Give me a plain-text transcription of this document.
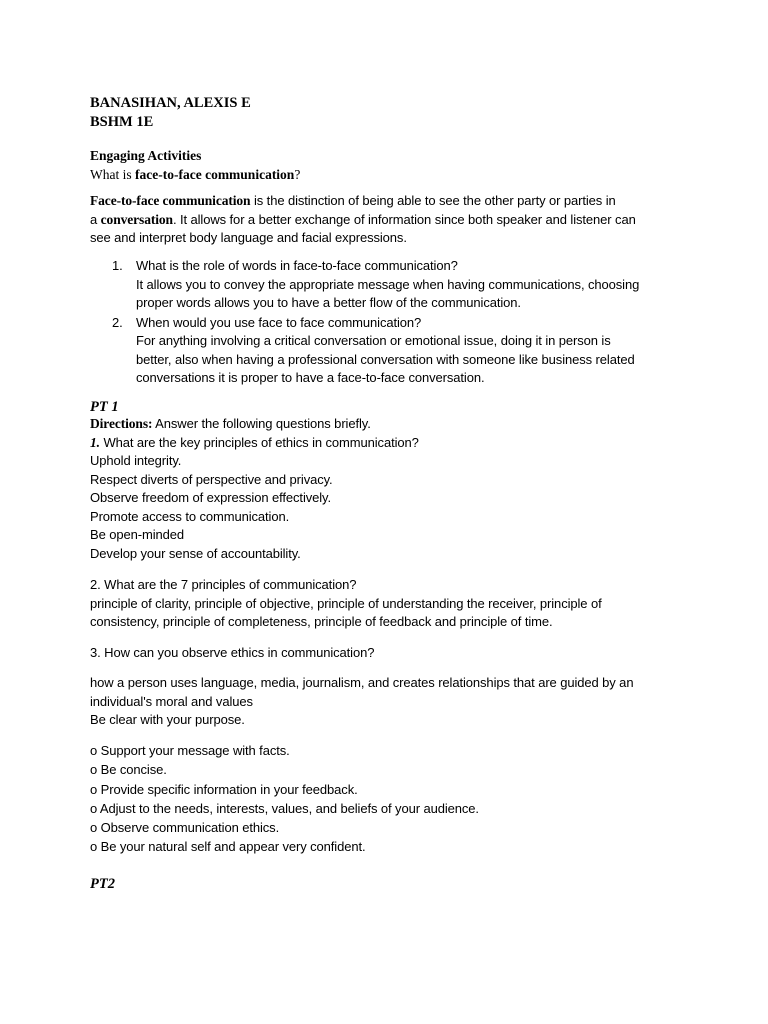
BANASIHAN, ALEXIS E
BSHM 1E
Engaging Activities
What is face-to-face communication?
Face-to-face communication is the distinction of being able to see the other party or parties in
a conversation. It allows for a better exchange of information since both speaker and listener can
see and interpret body language and facial expressions.
1. What is the role of words in face-to-face communication?
It allows you to convey the appropriate message when having communications, choosing
proper words allows you to have a better flow of the communication.
2. When would you use face to face communication?
For anything involving a critical conversation or emotional issue, doing it in person is
better, also when having a professional conversation with someone like business related
conversations it is proper to have a face-to-face conversation.
PT 1
Directions: Answer the following questions briefly.
1. What are the key principles of ethics in communication?
Uphold integrity.
Respect diverts of perspective and privacy.
Observe freedom of expression effectively.
Promote access to communication.
Be open-minded
Develop your sense of accountability.
2. What are the 7 principles of communication?
principle of clarity, principle of objective, principle of understanding the receiver, principle of
consistency, principle of completeness, principle of feedback and principle of time.
3. How can you observe ethics in communication?
how a person uses language, media, journalism, and creates relationships that are guided by an
individual's moral and values
Be clear with your purpose.
o Support your message with facts.
o Be concise.
o Provide specific information in your feedback.
o Adjust to the needs, interests, values, and beliefs of your audience.
o Observe communication ethics.
o Be your natural self and appear very confident.
PT2
